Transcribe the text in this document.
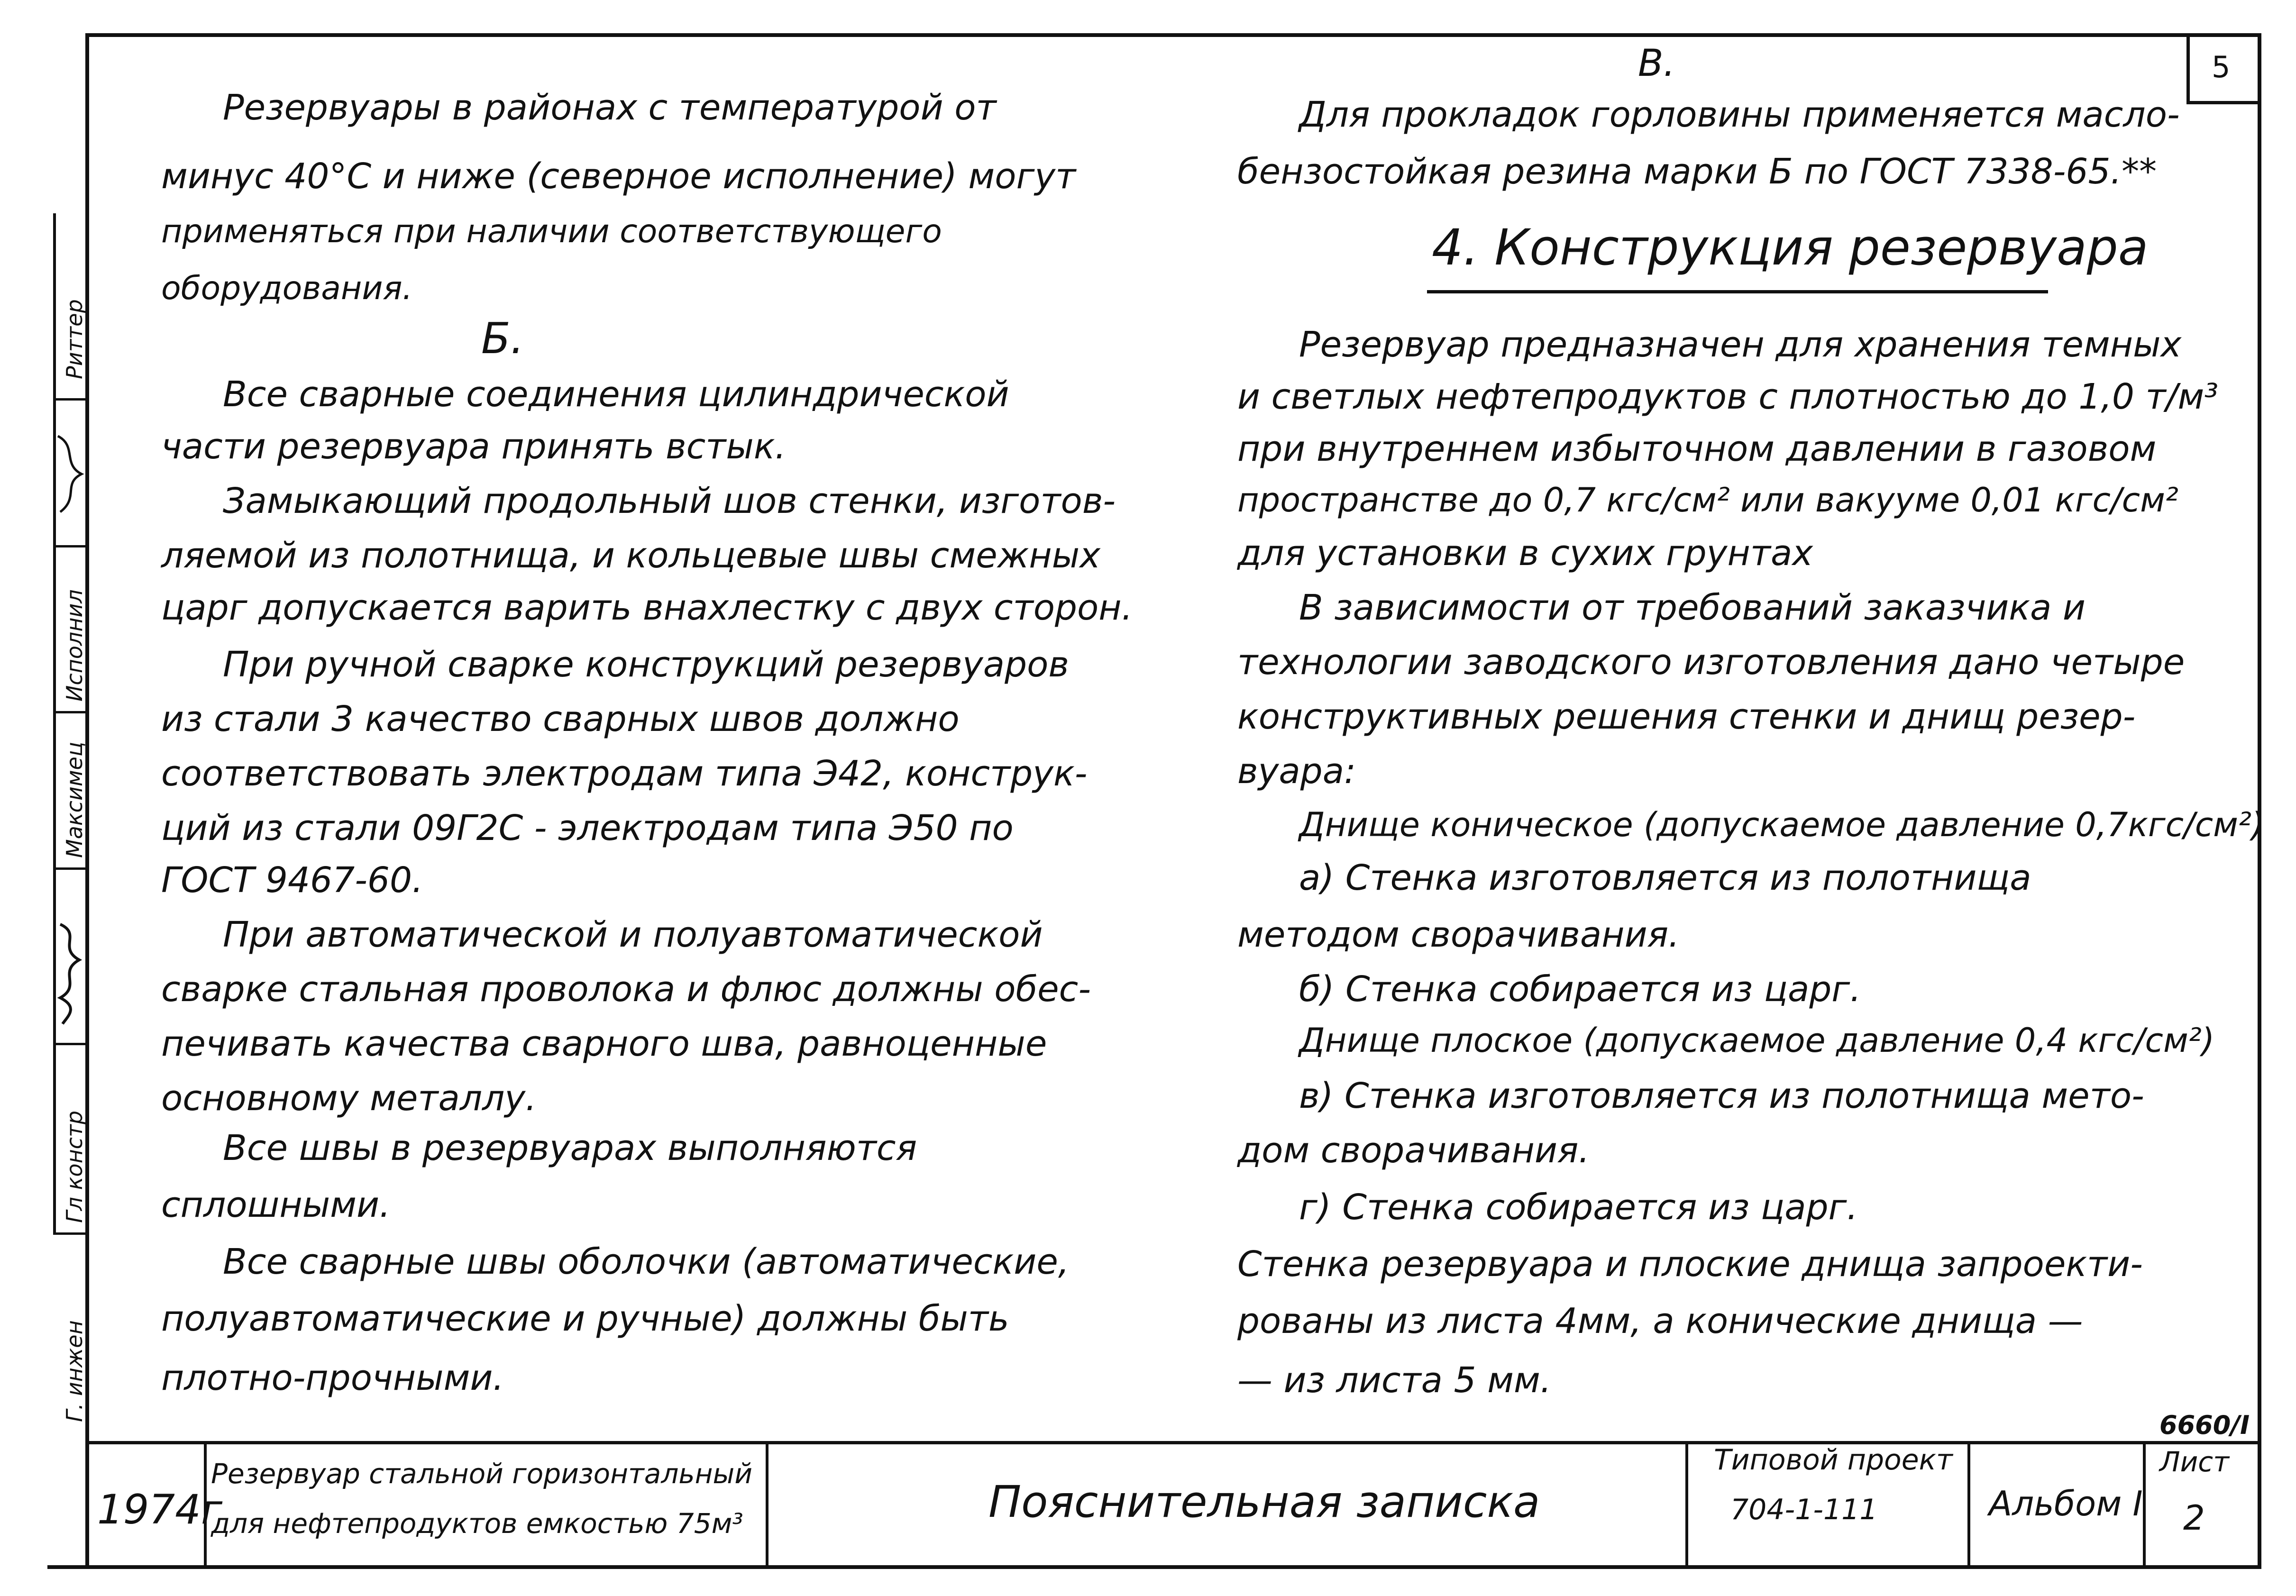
Риттер
Исполнил
Максимец
Гл констр
Г. инжен
5
Резервуары в районах с температурой от
минус 40°С и ниже (северное исполнение) могут
применяться при наличии соответствующего
оборудования.
Б.
Все сварные соединения цилиндрической
части резервуара принять встык.
Замыкающий продольный шов стенки, изготов-
ляемой из полотнища, и кольцевые швы смежных
царг допускается варить внахлестку с двух сторон.
При ручной сварке конструкций резервуаров
из стали 3 качество сварных швов должно
соответствовать электродам типа Э42, конструк-
ций из стали 09Г2С - электродам типа Э50 по
ГОСТ 9467-60.
При автоматической и полуавтоматической
сварке стальная проволока и флюс должны обес-
печивать качества сварного шва, равноценные
основному металлу.
Все швы в резервуарах выполняются
сплошными.
Все сварные швы оболочки (автоматические,
полуавтоматические и ручные) должны быть
плотно-прочными.
В.
Для прокладок горловины применяется масло-
бензостойкая резина марки Б по ГОСТ 7338-65.**
4. Конструкция резервуара
Резервуар предназначен для хранения темных
и светлых нефтепродуктов с плотностью до 1,0 т/м³
при внутреннем избыточном давлении в газовом
пространстве до 0,7 кгс/см² или вакууме 0,01 кгс/см²
для установки в сухих грунтах
В зависимости от требований заказчика и
технологии заводского изготовления дано четыре
конструктивных решения стенки и днищ резер-
вуара:
Днище коническое (допускаемое давление 0,7кгс/см²)
а) Стенка изготовляется из полотнища
методом сворачивания.
б) Стенка собирается из царг.
Днище плоское (допускаемое давление 0,4 кгс/см²)
в) Стенка изготовляется из полотнища мето-
дом сворачивания.
г) Стенка собирается из царг.
Стенка резервуара и плоские днища запроекти-
рованы из листа 4мм, а конические днища —
— из листа 5 мм.
6660/I
1974г
Резервуар стальной горизонтальный
для нефтепродуктов емкостью 75м³	Пояснительная записка
Типовой проект
704-1-111	Альбом I
Лист
2
